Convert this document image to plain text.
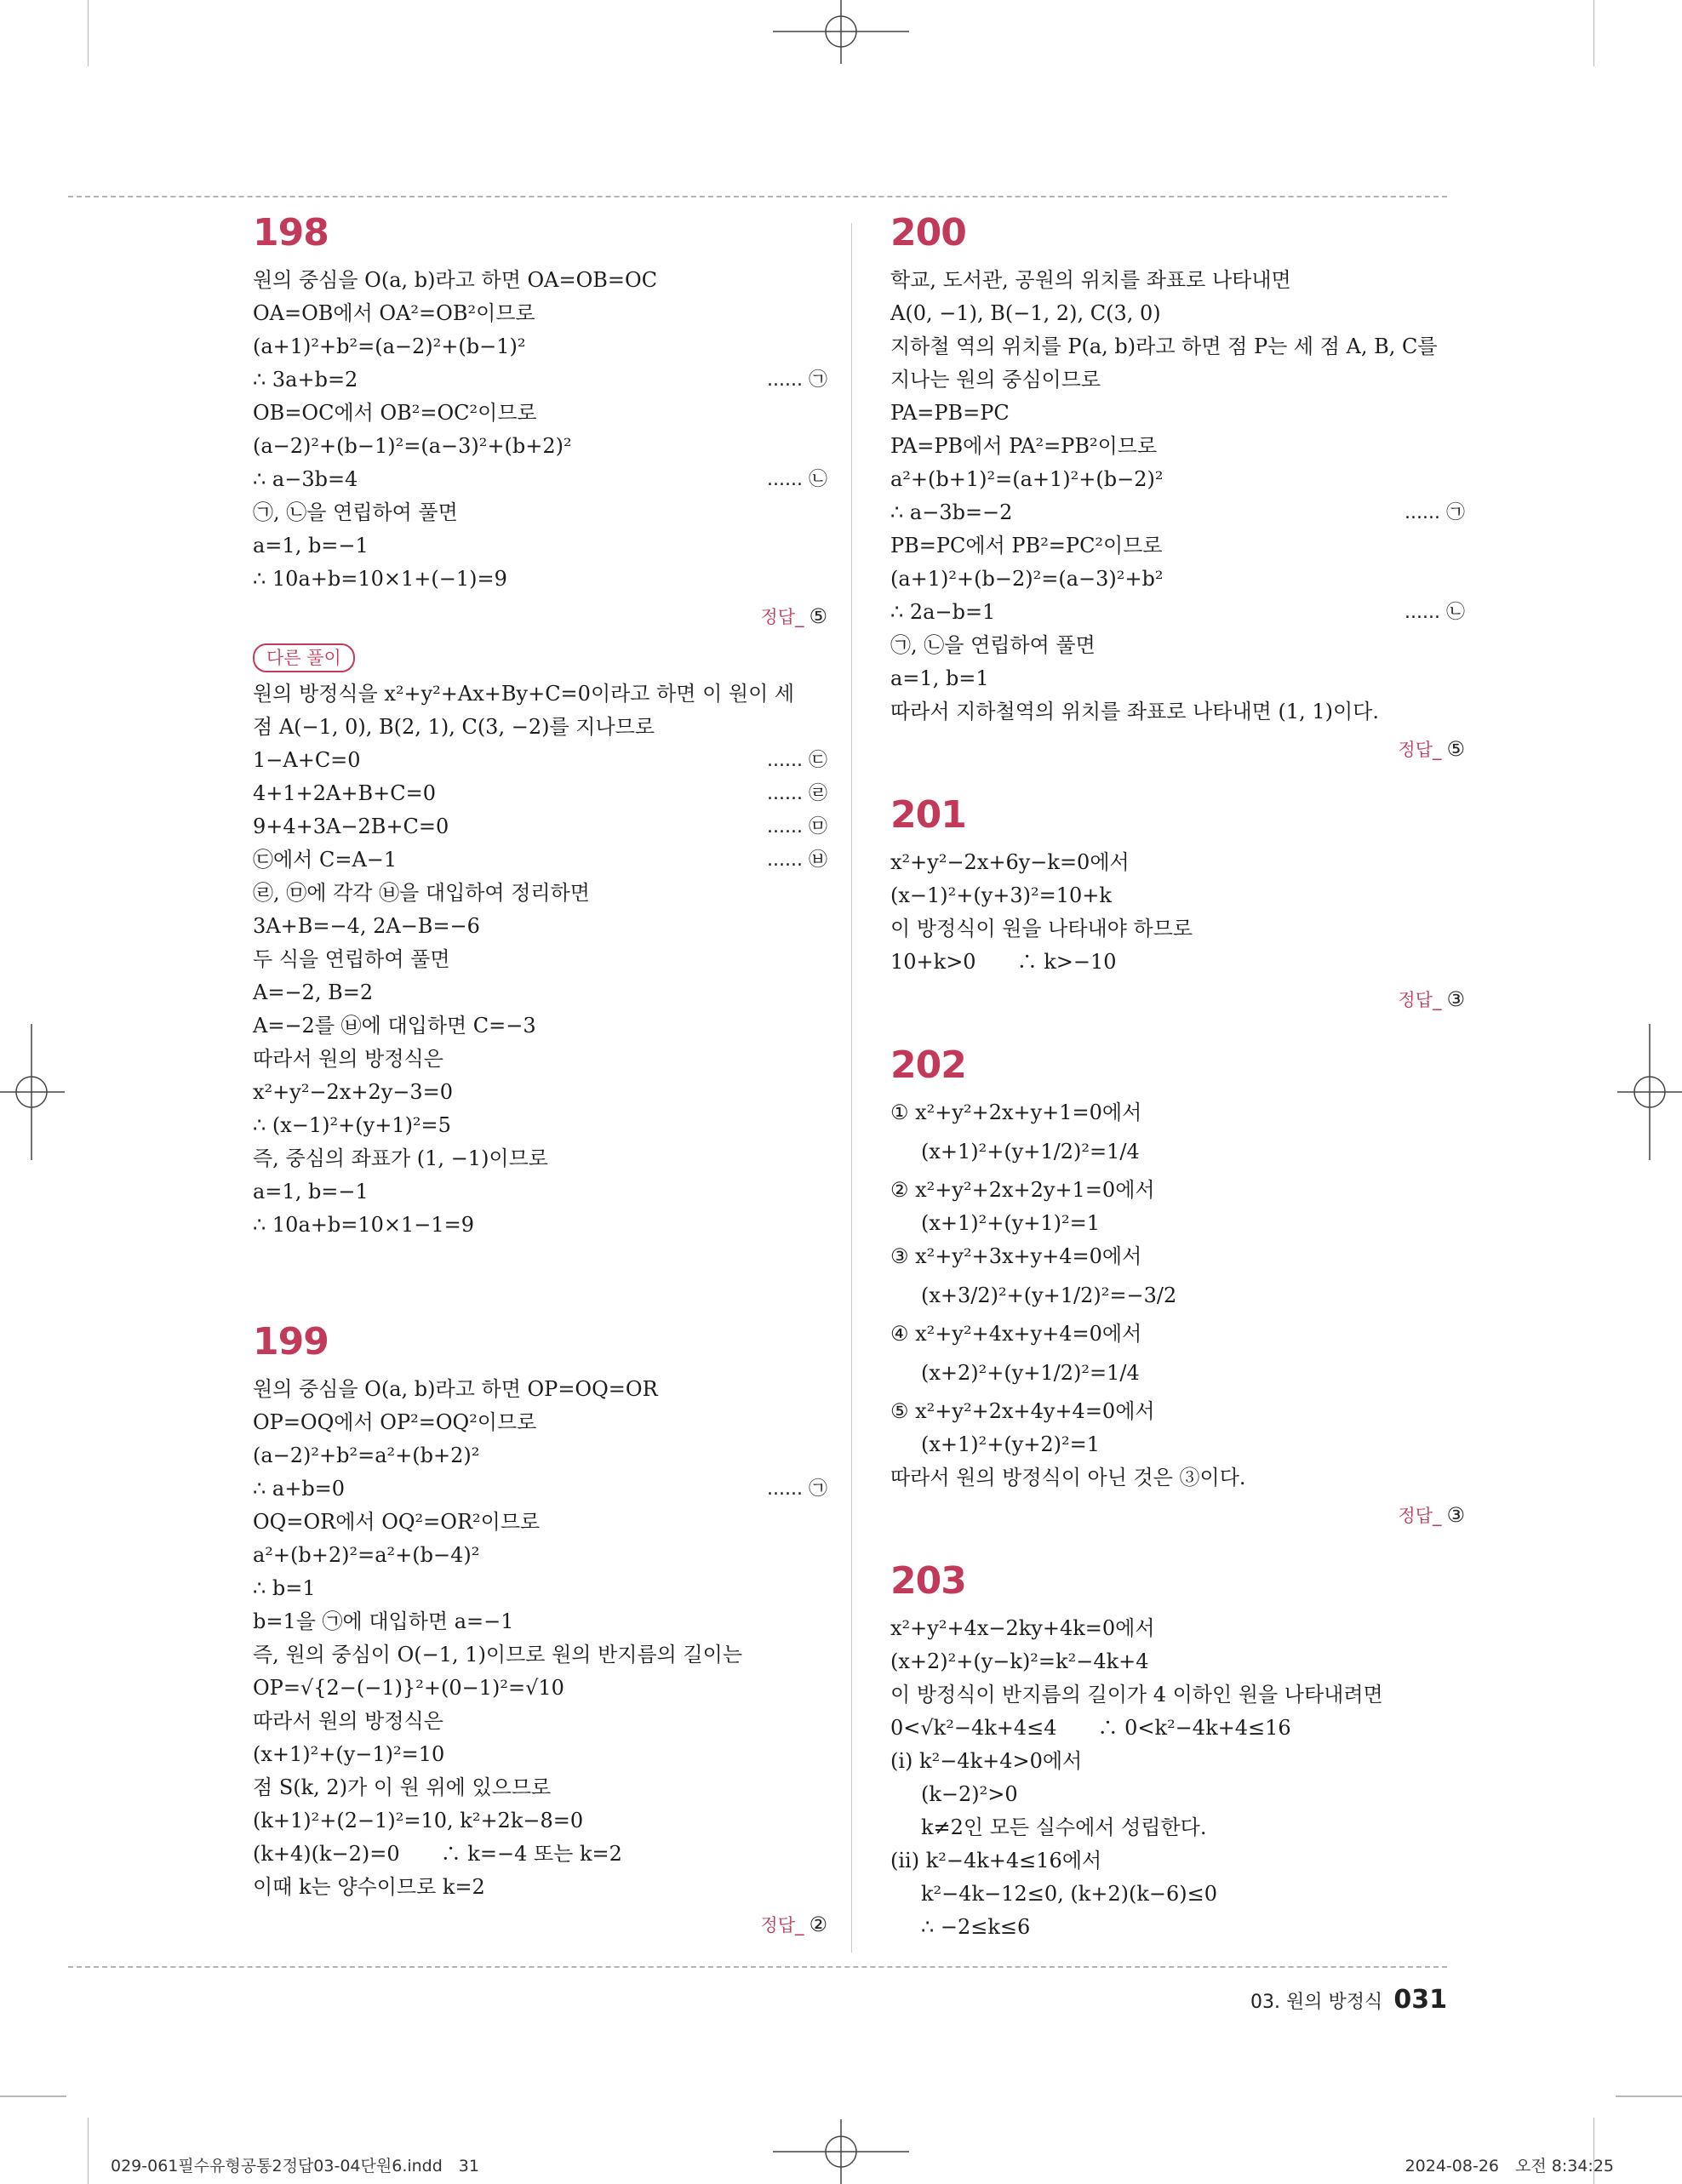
198
원의 중심을 O(a, b)라고 하면 OA=OB=OC
OA=OB에서 OA²=OB²이므로
(a+1)²+b²=(a−2)²+(b−1)²
∴ 3a+b=2	...... ㉠
OB=OC에서 OB²=OC²이므로
(a−2)²+(b−1)²=(a−3)²+(b+2)²
∴ a−3b=4	...... ㉡
㉠, ㉡을 연립하여 풀면
a=1, b=−1
∴ 10a+b=10×1+(−1)=9
정답_ ⑤
다른 풀이
원의 방정식을 x²+y²+Ax+By+C=0이라고 하면 이 원이 세
점 A(−1, 0), B(2, 1), C(3, −2)를 지나므로
1−A+C=0	...... ㉢
4+1+2A+B+C=0	...... ㉣
9+4+3A−2B+C=0	...... ㉤
㉢에서 C=A−1	...... ㉥
㉣, ㉤에 각각 ㉥을 대입하여 정리하면
3A+B=−4, 2A−B=−6
두 식을 연립하여 풀면
A=−2, B=2
A=−2를 ㉥에 대입하면 C=−3
따라서 원의 방정식은
x²+y²−2x+2y−3=0
∴ (x−1)²+(y+1)²=5
즉, 중심의 좌표가 (1, −1)이므로
a=1, b=−1
∴ 10a+b=10×1−1=9
199
원의 중심을 O(a, b)라고 하면 OP=OQ=OR
OP=OQ에서 OP²=OQ²이므로
(a−2)²+b²=a²+(b+2)²
∴ a+b=0	...... ㉠
OQ=OR에서 OQ²=OR²이므로
a²+(b+2)²=a²+(b−4)²
∴ b=1
b=1을 ㉠에 대입하면 a=−1
즉, 원의 중심이 O(−1, 1)이므로 원의 반지름의 길이는
OP=√{2−(−1)}²+(0−1)²=√10
따라서 원의 방정식은
(x+1)²+(y−1)²=10
점 S(k, 2)가 이 원 위에 있으므로
(k+1)²+(2−1)²=10, k²+2k−8=0
(k+4)(k−2)=0　　∴ k=−4 또는 k=2
이때 k는 양수이므로 k=2
정답_ ②
200
학교, 도서관, 공원의 위치를 좌표로 나타내면
A(0, −1), B(−1, 2), C(3, 0)
지하철 역의 위치를 P(a, b)라고 하면 점 P는 세 점 A, B, C를
지나는 원의 중심이므로
PA=PB=PC
PA=PB에서 PA²=PB²이므로
a²+(b+1)²=(a+1)²+(b−2)²
∴ a−3b=−2	...... ㉠
PB=PC에서 PB²=PC²이므로
(a+1)²+(b−2)²=(a−3)²+b²
∴ 2a−b=1	...... ㉡
㉠, ㉡을 연립하여 풀면
a=1, b=1
따라서 지하철역의 위치를 좌표로 나타내면 (1, 1)이다.
정답_ ⑤
201
x²+y²−2x+6y−k=0에서
(x−1)²+(y+3)²=10+k
이 방정식이 원을 나타내야 하므로
10+k>0　　∴ k>−10
정답_ ③
202
① x²+y²+2x+y+1=0에서
(x+1)²+(y+1/2)²=1/4
② x²+y²+2x+2y+1=0에서
(x+1)²+(y+1)²=1
③ x²+y²+3x+y+4=0에서
(x+3/2)²+(y+1/2)²=−3/2
④ x²+y²+4x+y+4=0에서
(x+2)²+(y+1/2)²=1/4
⑤ x²+y²+2x+4y+4=0에서
(x+1)²+(y+2)²=1
따라서 원의 방정식이 아닌 것은 ③이다.
정답_ ③
203
x²+y²+4x−2ky+4k=0에서
(x+2)²+(y−k)²=k²−4k+4
이 방정식이 반지름의 길이가 4 이하인 원을 나타내려면
0<√k²−4k+4≤4　　∴ 0<k²−4k+4≤16
(i) k²−4k+4>0에서
(k−2)²>0
k≠2인 모든 실수에서 성립한다.
(ii) k²−4k+4≤16에서
k²−4k−12≤0, (k+2)(k−6)≤0
∴ −2≤k≤6
03. 원의 방정식 031
029-061필수유형공통2정답03-04단원6.indd　31	2024-08-26　오전 8:34:25
